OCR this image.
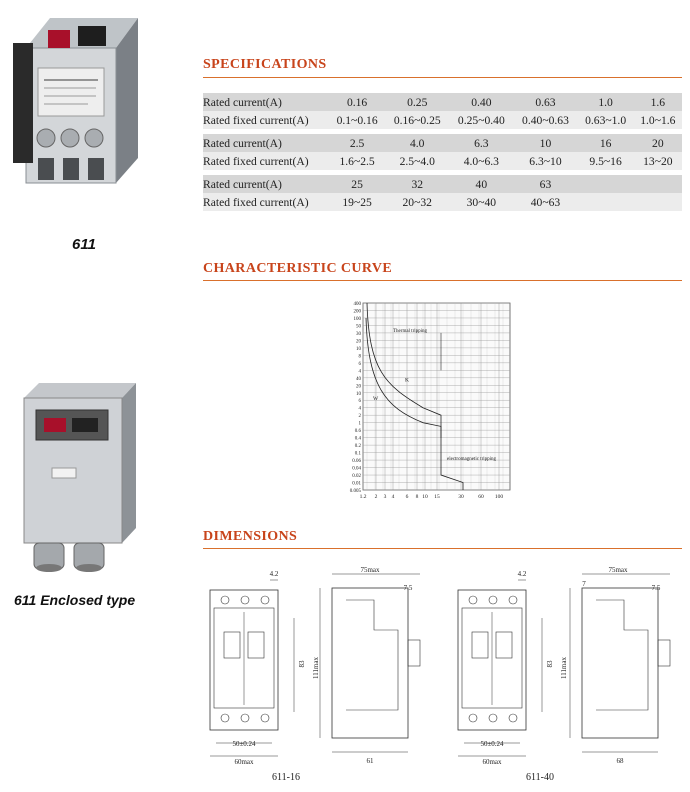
611
611 Enclosed type
SPECIFICATIONS
Rated current(A)	0.16	0.25	0.40	0.63	1.0	1.6
Rated fixed current(A)	0.1~0.16	0.16~0.25	0.25~0.40	0.40~0.63	0.63~1.0	1.0~1.6

Rated current(A)	2.5	4.0	6.3	10	16	20
Rated fixed current(A)	1.6~2.5	2.5~4.0	4.0~6.3	6.3~10	9.5~16	13~20

Rated current(A)	25	32	40	63		
Rated fixed current(A)	19~25	20~32	30~40	40~63		
CHARACTERISTIC CURVE
1.2 2 3 4 6 8 10 15	30	60 100
400
200
100
50
30
20
10
8
6
4
40
20
10
6
4
2
1
0.6
0.4
0.2
0.1
0.06
0.04
0.02
0.01
0.005
Thermal tripping
electromagnetic tripping
K
W
DIMENSIONS
4.2	75max
7.5
83 111max
50±0.24
60max	61
4.2	75max
7	7.5
83 111max
50±0.24
60max	68
611-16	611-40
